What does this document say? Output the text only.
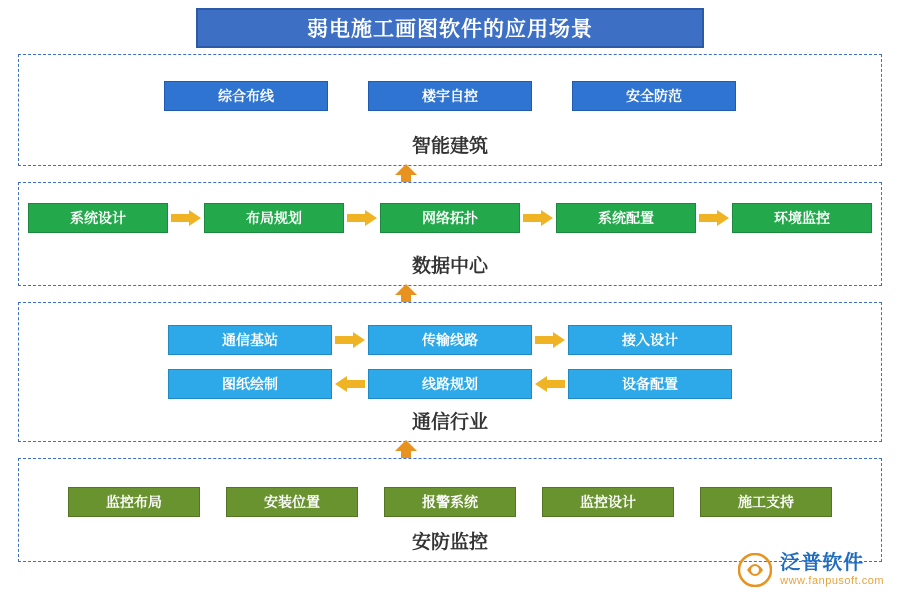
弱电施工画图软件的应用场景
综合布线	楼宇自控	安全防范
智能建筑
系统设计	布局规划	网络拓扑	系统配置	环境监控
数据中心
通信基站	传输线路	接入设计
图纸绘制	线路规划	设备配置
通信行业
监控布局	安装位置	报警系统	监控设计	施工支持
安防监控
泛普软件
www.fanpusoft.com
